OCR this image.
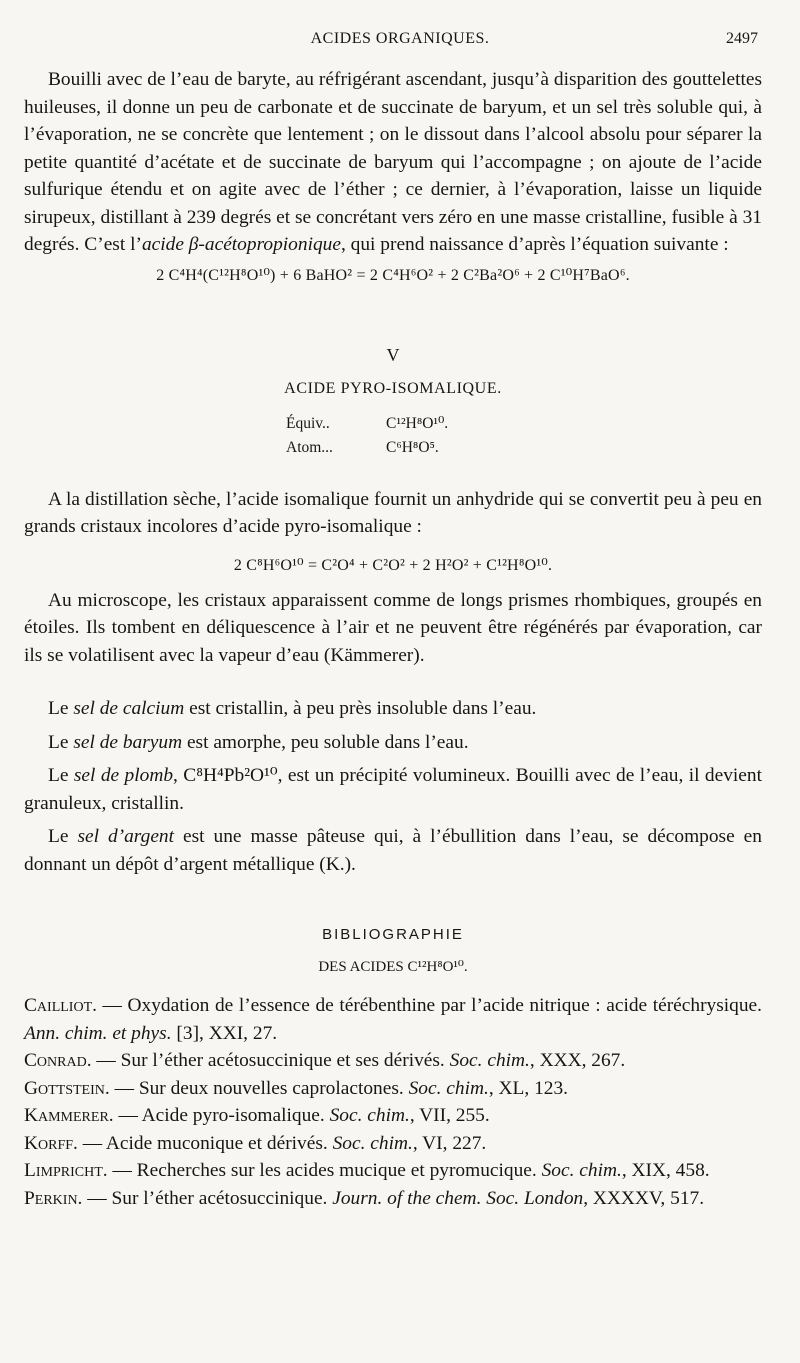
ACIDES ORGANIQUES.	2497

Bouilli avec de l’eau de baryte, au réfrigérant ascendant, jusqu’à disparition des gouttelettes huileuses, il donne un peu de carbonate et de succinate de baryum, et un sel très soluble qui, à l’évaporation, ne se concrète que lentement ; on le dissout dans l’alcool absolu pour séparer la petite quantité d’acétate et de succinate de baryum qui l’accompagne ; on ajoute de l’acide sulfurique étendu et on agite avec de l’éther ; ce dernier, à l’évaporation, laisse un liquide sirupeux, distillant à 239 degrés et se concrétant vers zéro en une masse cristalline, fusible à 31 degrés. C’est l’acide β-acétopropionique, qui prend naissance d’après l’équation suivante :

2 C⁴H⁴(C¹²H⁸O¹⁰) + 6 BaHO² = 2 C⁴H⁶O² + 2 C²Ba²O⁶ + 2 C¹⁰H⁷BaO⁶.
V
ACIDE PYRO-ISOMALIQUE.
Équiv..	C¹²H⁸O¹⁰.
Atom...	C⁶H⁸O⁵.

A la distillation sèche, l’acide isomalique fournit un anhydride qui se convertit peu à peu en grands cristaux incolores d’acide pyro-isomalique :

2 C⁸H⁶O¹⁰ = C²O⁴ + C²O² + 2 H²O² + C¹²H⁸O¹⁰.

Au microscope, les cristaux apparaissent comme de longs prismes rhombiques, groupés en étoiles. Ils tombent en déliquescence à l’air et ne peuvent être régénérés par évaporation, car ils se volatilisent avec la vapeur d’eau (Kämmerer).

Le sel de calcium est cristallin, à peu près insoluble dans l’eau.

Le sel de baryum est amorphe, peu soluble dans l’eau.

Le sel de plomb, C⁸H⁴Pb²O¹⁰, est un précipité volumineux. Bouilli avec de l’eau, il devient granuleux, cristallin.

Le sel d’argent est une masse pâteuse qui, à l’ébullition dans l’eau, se décompose en donnant un dépôt d’argent métallique (K.).

BIBLIOGRAPHIE
DES ACIDES C¹²H⁸O¹⁰.

Cailliot. — Oxydation de l’essence de térébenthine par l’acide nitrique : acide téréchrysique. Ann. chim. et phys. [3], XXI, 27.

Conrad. — Sur l’éther acétosuccinique et ses dérivés. Soc. chim., XXX, 267.

Gottstein. — Sur deux nouvelles caprolactones. Soc. chim., XL, 123.

Kammerer. — Acide pyro-isomalique. Soc. chim., VII, 255.

Korff. — Acide muconique et dérivés. Soc. chim., VI, 227.

Limpricht. — Recherches sur les acides mucique et pyromucique. Soc. chim., XIX, 458.

Perkin. — Sur l’éther acétosuccinique. Journ. of the chem. Soc. London, XXXXV, 517.
